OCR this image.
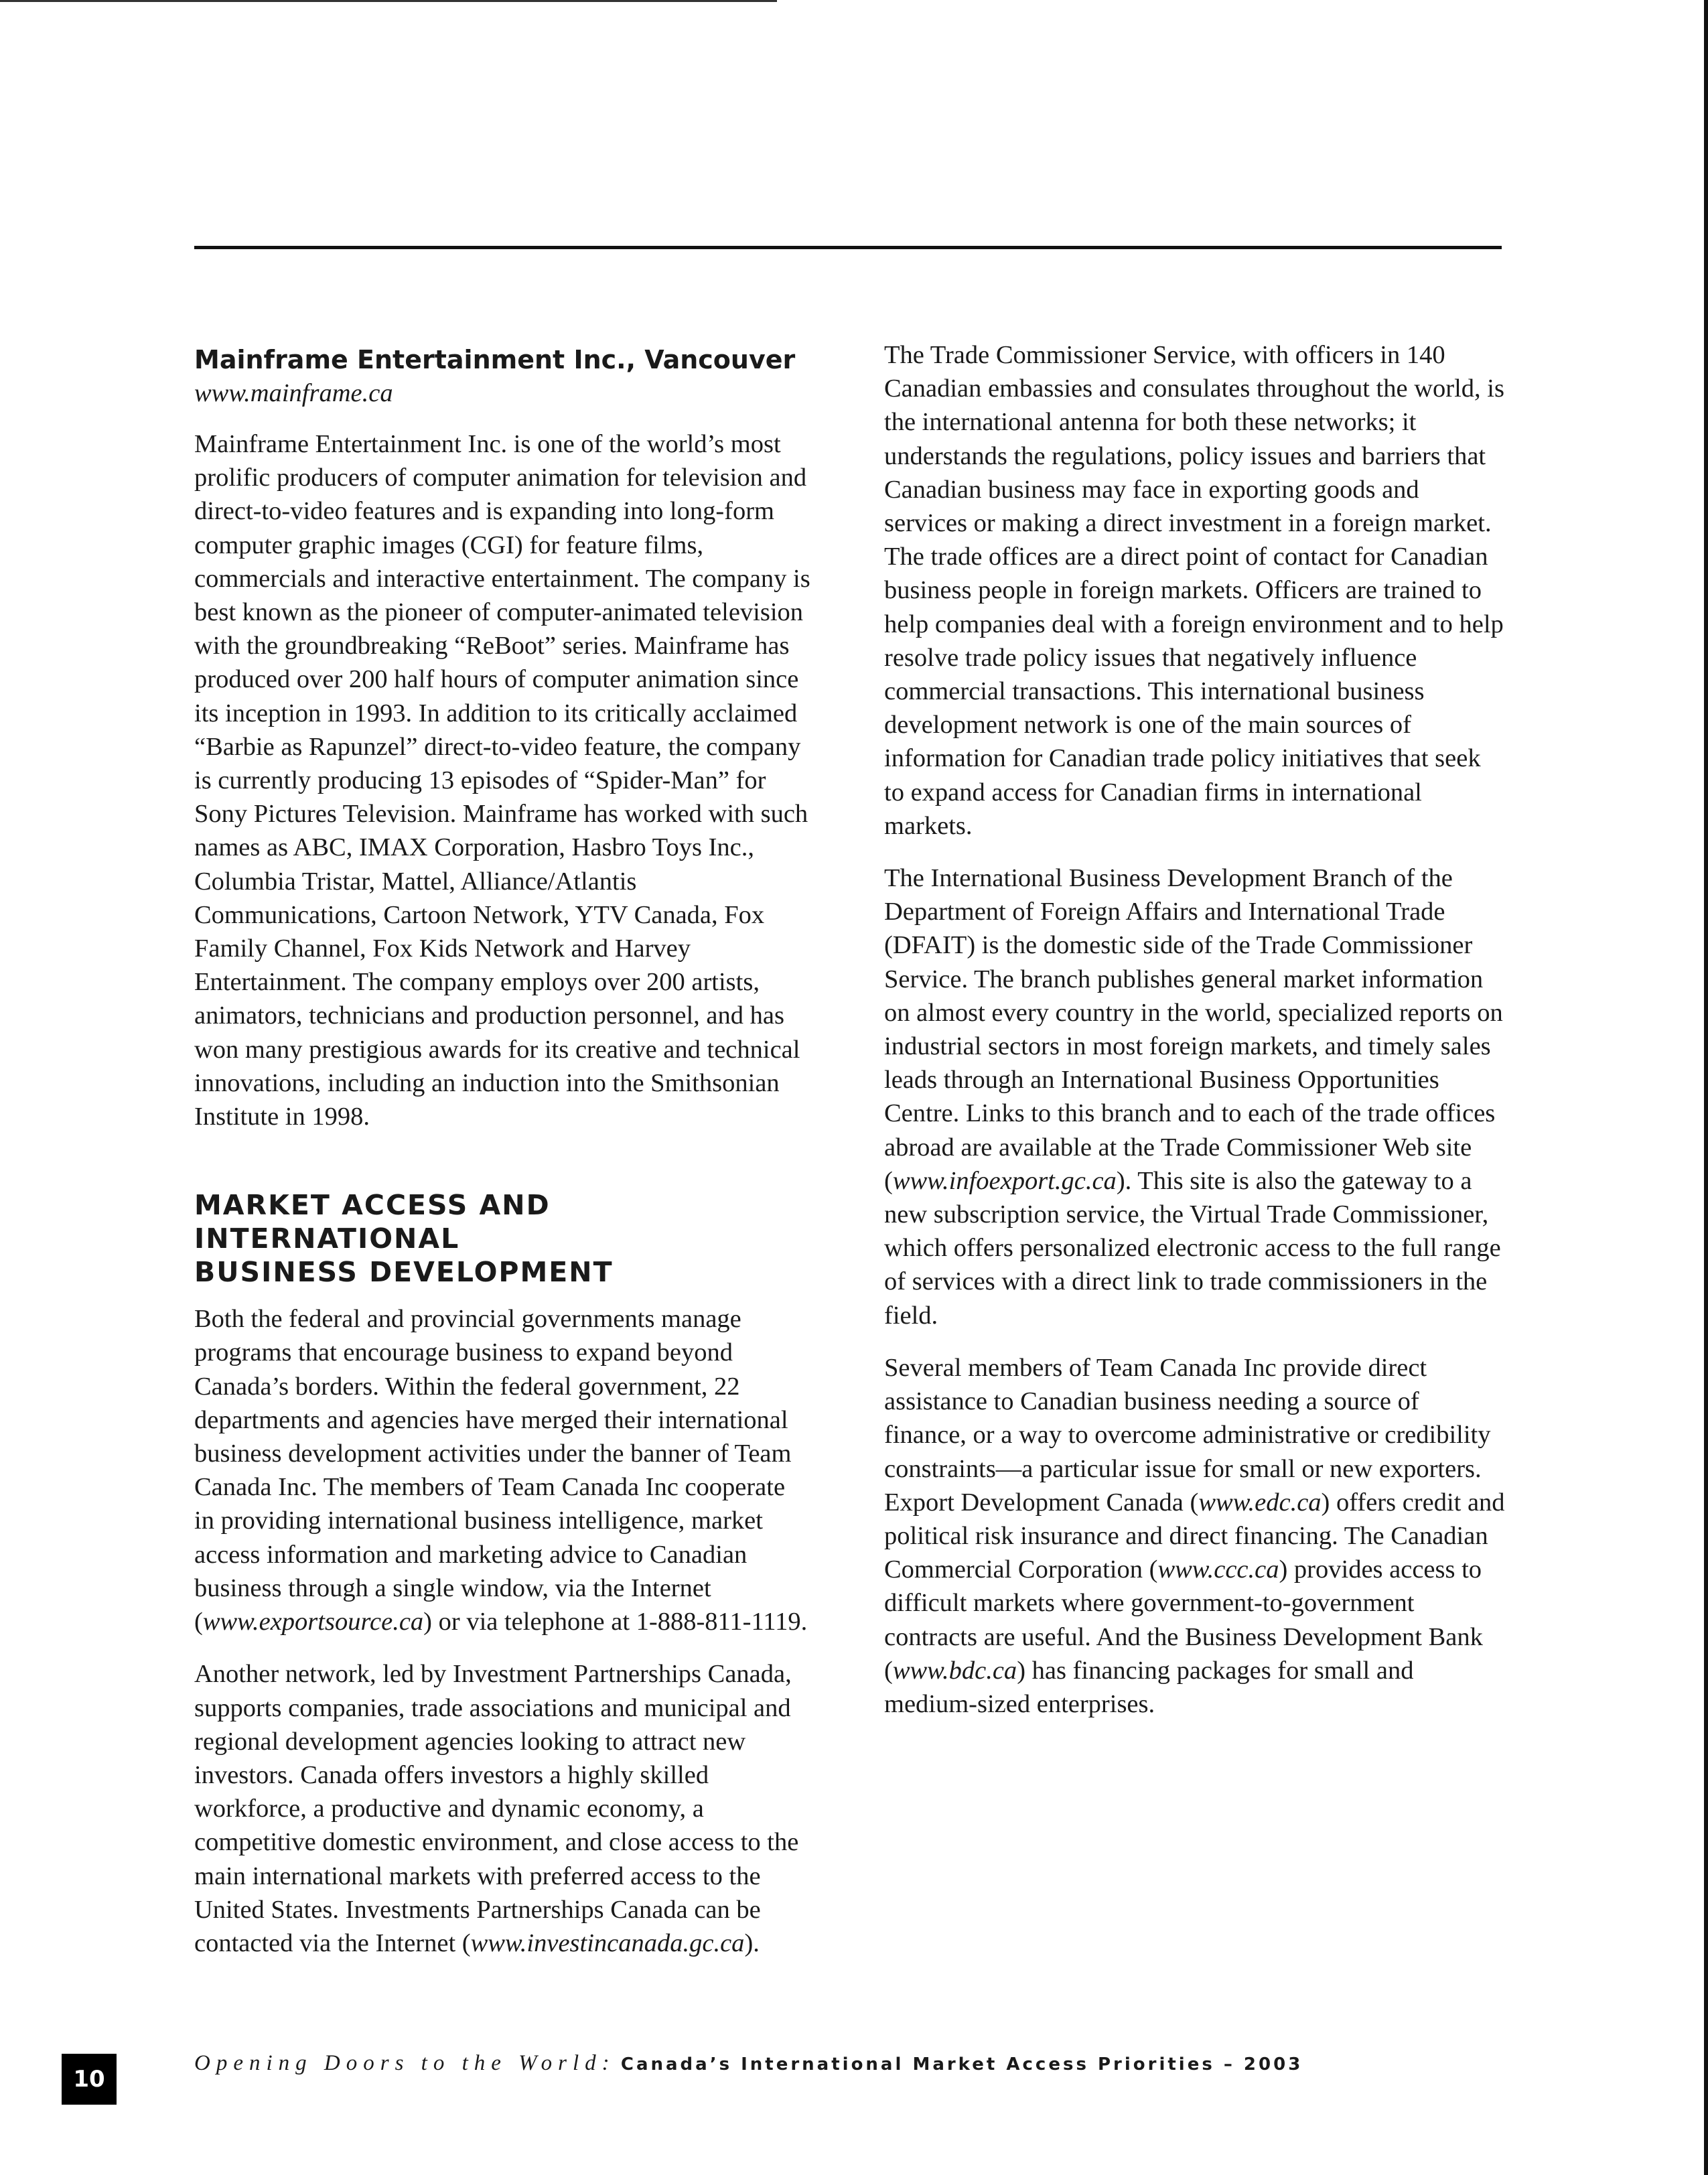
Mainframe Entertainment Inc., Vancouver
www.mainframe.ca

Mainframe Entertainment Inc. is one of the world’s most prolific producers of computer animation for television and direct-to-video features and is expanding into long-form computer graphic images (CGI) for feature films, commercials and interactive entertainment. The company is best known as the pioneer of computer-animated television with the groundbreaking “ReBoot” series. Mainframe has produced over 200 half hours of computer animation since its inception in 1993. In addition to its critically acclaimed “Barbie as Rapunzel” direct-to-video feature, the company is currently producing 13 episodes of “Spider-Man” for Sony Pictures Television. Mainframe has worked with such names as ABC, IMAX Corporation, Hasbro Toys Inc., Columbia Tristar, Mattel, Alliance/Atlantis Communications, Cartoon Network, YTV Canada, Fox Family Channel, Fox Kids Network and Harvey Entertainment. The company employs over 200 artists, animators, technicians and production personnel, and has won many prestigious awards for its creative and technical innovations, including an induction into the Smithsonian Institute in 1998.

MARKET ACCESS AND INTERNATIONAL
BUSINESS DEVELOPMENT

Both the federal and provincial governments manage programs that encourage business to expand beyond Canada’s borders. Within the federal government, 22 departments and agencies have merged their international business development activities under the banner of Team Canada Inc. The members of Team Canada Inc cooperate in providing international business intelligence, market access information and marketing advice to Canadian business through a single window, via the Internet (www.exportsource.ca) or via telephone at 1-888-811-1119.

Another network, led by Investment Partnerships Canada, supports companies, trade associations and municipal and regional development agencies looking to attract new investors. Canada offers investors a highly skilled workforce, a productive and dynamic economy, a competitive domestic environment, and close access to the main international markets with preferred access to the United States. Investments Partnerships Canada can be contacted via the Internet (www.investincanada.gc.ca).

The Trade Commissioner Service, with officers in 140 Canadian embassies and consulates throughout the world, is the international antenna for both these networks; it understands the regulations, policy issues and barriers that Canadian business may face in exporting goods and services or making a direct investment in a foreign market. The trade offices are a direct point of contact for Canadian business people in foreign markets. Officers are trained to help companies deal with a foreign environment and to help resolve trade policy issues that negatively influence commercial transactions. This international business development network is one of the main sources of information for Canadian trade policy initiatives that seek to expand access for Canadian firms in international markets.

The International Business Development Branch of the Department of Foreign Affairs and International Trade (DFAIT) is the domestic side of the Trade Commissioner Service. The branch publishes general market information on almost every country in the world, specialized reports on industrial sectors in most foreign markets, and timely sales leads through an International Business Opportunities Centre. Links to this branch and to each of the trade offices abroad are available at the Trade Commissioner Web site (www.infoexport.gc.ca). This site is also the gateway to a new subscription service, the Virtual Trade Commissioner, which offers personalized electronic access to the full range of services with a direct link to trade commissioners in the field.

Several members of Team Canada Inc provide direct assistance to Canadian business needing a source of finance, or a way to overcome administrative or credibility constraints—a particular issue for small or new exporters. Export Development Canada (www.edc.ca) offers credit and political risk insurance and direct financing. The Canadian Commercial Corporation (www.ccc.ca) provides access to difficult markets where government-to-government contracts are useful. And the Business Development Bank (www.bdc.ca) has financing packages for small and medium-sized enterprises.

10
Opening Doors to the World: Canada’s International Market Access Priorities – 2003
